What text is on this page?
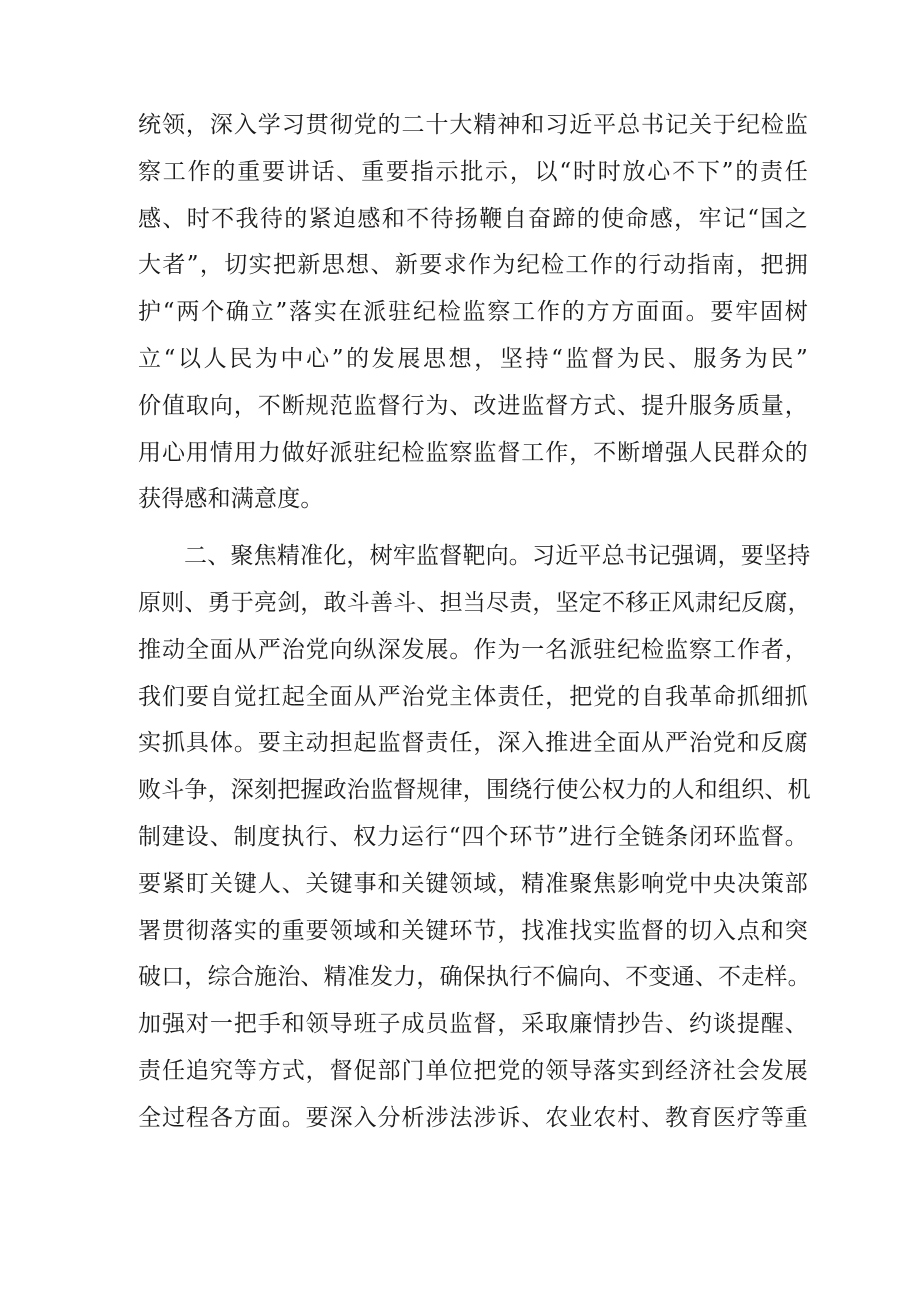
统领，深入学习贯彻党的二十大精神和习近平总书记关于纪检监
察工作的重要讲话、重要指示批示，以“时时放心不下”的责任
感、时不我待的紧迫感和不待扬鞭自奋蹄的使命感，牢记“国之
大者”，切实把新思想、新要求作为纪检工作的行动指南，把拥
护“两个确立”落实在派驻纪检监察工作的方方面面。要牢固树
立“以人民为中心”的发展思想，坚持“监督为民、服务为民”
价值取向，不断规范监督行为、改进监督方式、提升服务质量，
用心用情用力做好派驻纪检监察监督工作，不断增强人民群众的
获得感和满意度。
二、聚焦精准化，树牢监督靶向。习近平总书记强调，要坚持
原则、勇于亮剑，敢斗善斗、担当尽责，坚定不移正风肃纪反腐，
推动全面从严治党向纵深发展。作为一名派驻纪检监察工作者，
我们要自觉扛起全面从严治党主体责任，把党的自我革命抓细抓
实抓具体。要主动担起监督责任，深入推进全面从严治党和反腐
败斗争，深刻把握政治监督规律，围绕行使公权力的人和组织、机
制建设、制度执行、权力运行“四个环节”进行全链条闭环监督。
要紧盯关键人、关键事和关键领域，精准聚焦影响党中央决策部
署贯彻落实的重要领域和关键环节，找准找实监督的切入点和突
破口，综合施治、精准发力，确保执行不偏向、不变通、不走样。
加强对一把手和领导班子成员监督，采取廉情抄告、约谈提醒、
责任追究等方式，督促部门单位把党的领导落实到经济社会发展
全过程各方面。要深入分析涉法涉诉、农业农村、教育医疗等重
